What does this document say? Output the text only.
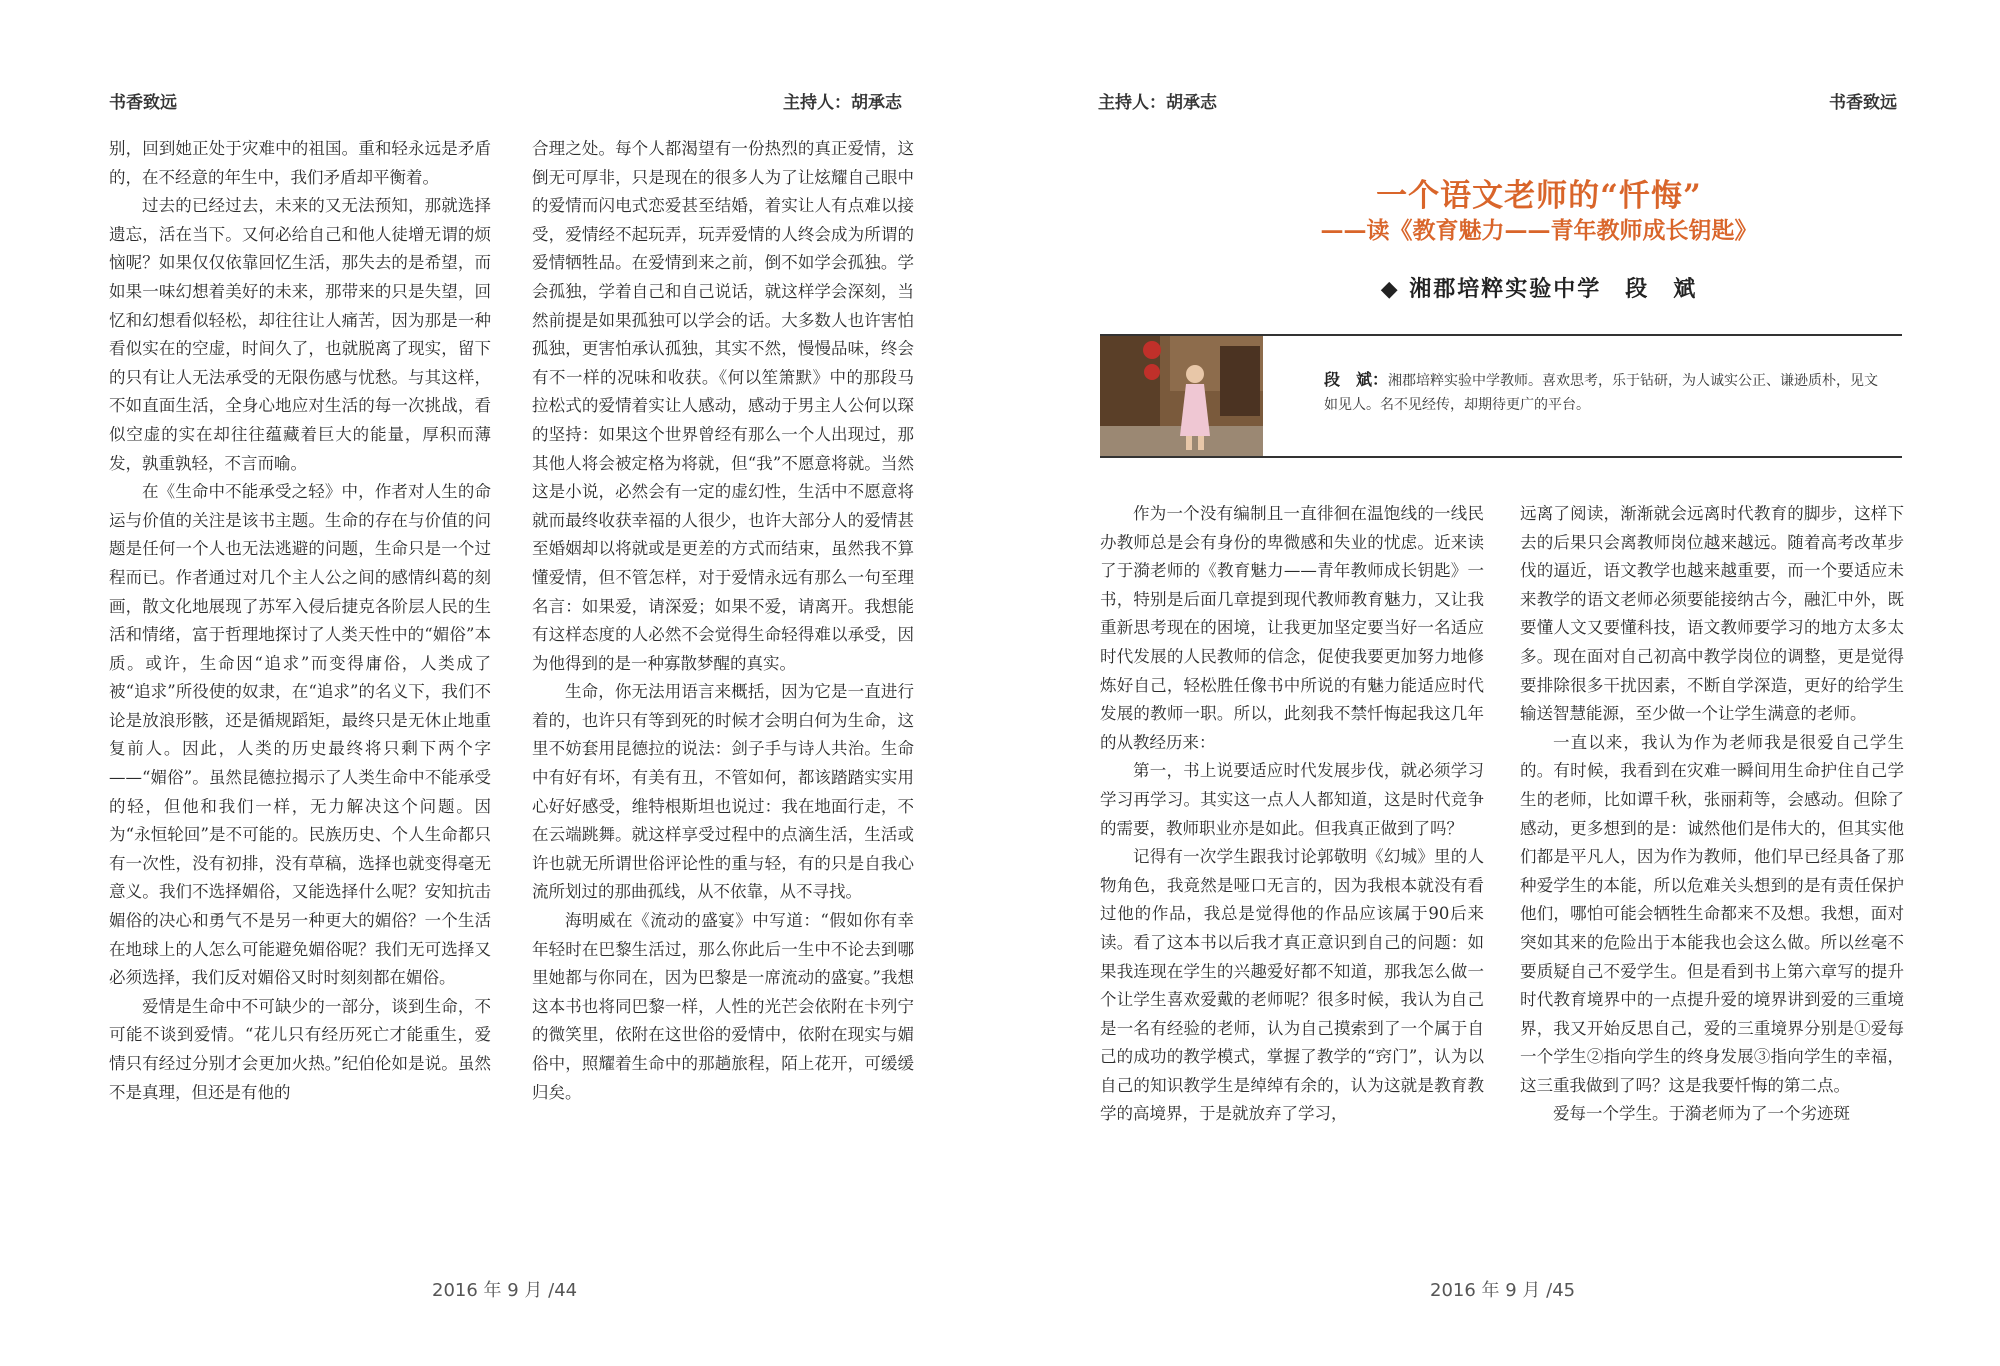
书香致远	主持人：胡承志

别，回到她正处于灾难中的祖国。重和轻永远是矛盾的，在不经意的年生中，我们矛盾却平衡着。

过去的已经过去，未来的又无法预知，那就选择遗忘，活在当下。又何必给自己和他人徒增无谓的烦恼呢？如果仅仅依靠回忆生活，那失去的是希望，而如果一味幻想着美好的未来，那带来的只是失望，回忆和幻想看似轻松，却往往让人痛苦，因为那是一种看似实在的空虚，时间久了，也就脱离了现实，留下的只有让人无法承受的无限伤感与忧愁。与其这样，不如直面生活，全身心地应对生活的每一次挑战，看似空虚的实在却往往蕴藏着巨大的能量，厚积而薄发，孰重孰轻，不言而喻。

在《生命中不能承受之轻》中，作者对人生的命运与价值的关注是该书主题。生命的存在与价值的问题是任何一个人也无法逃避的问题，生命只是一个过程而已。作者通过对几个主人公之间的感情纠葛的刻画，散文化地展现了苏军入侵后捷克各阶层人民的生活和情绪，富于哲理地探讨了人类天性中的“媚俗”本质。或许，生命因“追求”而变得庸俗，人类成了被“追求”所役使的奴隶，在“追求”的名义下，我们不论是放浪形骸，还是循规蹈矩，最终只是无休止地重复前人。因此，人类的历史最终将只剩下两个字——“媚俗”。虽然昆德拉揭示了人类生命中不能承受的轻，但他和我们一样，无力解决这个问题。因为“永恒轮回”是不可能的。民族历史、个人生命都只有一次性，没有初排，没有草稿，选择也就变得毫无意义。我们不选择媚俗，又能选择什么呢？安知抗击媚俗的决心和勇气不是另一种更大的媚俗？一个生活在地球上的人怎么可能避免媚俗呢？我们无可选择又必须选择，我们反对媚俗又时时刻刻都在媚俗。

爱情是生命中不可缺少的一部分，谈到生命，不可能不谈到爱情。“花儿只有经历死亡才能重生，爱情只有经过分别才会更加火热。”纪伯伦如是说。虽然不是真理，但还是有他的

合理之处。每个人都渴望有一份热烈的真正爱情，这倒无可厚非，只是现在的很多人为了让炫耀自己眼中的爱情而闪电式恋爱甚至结婚，着实让人有点难以接受，爱情经不起玩弄，玩弄爱情的人终会成为所谓的爱情牺牲品。在爱情到来之前，倒不如学会孤独。学会孤独，学着自己和自己说话，就这样学会深刻，当然前提是如果孤独可以学会的话。大多数人也许害怕孤独，更害怕承认孤独，其实不然，慢慢品味，终会有不一样的况味和收获。《何以笙箫默》中的那段马拉松式的爱情着实让人感动，感动于男主人公何以琛的坚持：如果这个世界曾经有那么一个人出现过，那其他人将会被定格为将就，但“我”不愿意将就。当然这是小说，必然会有一定的虚幻性，生活中不愿意将就而最终收获幸福的人很少，也许大部分人的爱情甚至婚姻却以将就或是更差的方式而结束，虽然我不算懂爱情，但不管怎样，对于爱情永远有那么一句至理名言：如果爱，请深爱；如果不爱，请离开。我想能有这样态度的人必然不会觉得生命轻得难以承受，因为他得到的是一种寡散梦醒的真实。

生命，你无法用语言来概括，因为它是一直进行着的，也许只有等到死的时候才会明白何为生命，这里不妨套用昆德拉的说法：剑子手与诗人共治。生命中有好有坏，有美有丑，不管如何，都该踏踏实实用心好好感受，维特根斯坦也说过：我在地面行走，不在云端跳舞。就这样享受过程中的点滴生活，生活或许也就无所谓世俗评论性的重与轻，有的只是自我心流所划过的那曲孤线，从不依靠，从不寻找。

海明威在《流动的盛宴》中写道：“假如你有幸年轻时在巴黎生活过，那么你此后一生中不论去到哪里她都与你同在，因为巴黎是一席流动的盛宴。”我想这本书也将同巴黎一样，人性的光芒会依附在卡列宁的微笑里，依附在这世俗的爱情中，依附在现实与媚俗中，照耀着生命中的那趟旅程，陌上花开，可缓缓归矣。

2016 年 9 月 /44
主持人：胡承志	书香致远
一个语文老师的“忏悔”
——读《教育魅力——青年教师成长钥匙》
◆ 湘郡培粹实验中学　段　斌
段　斌：湘郡培粹实验中学教师。喜欢思考，乐于钻研，为人诚实公正、谦逊质朴，见文如见人。名不见经传，却期待更广的平台。

作为一个没有编制且一直徘徊在温饱线的一线民办教师总是会有身份的卑微感和失业的忧虑。近来读了于漪老师的《教育魅力——青年教师成长钥匙》一书，特别是后面几章提到现代教师教育魅力，又让我重新思考现在的困境，让我更加坚定要当好一名适应时代发展的人民教师的信念，促使我要更加努力地修炼好自己，轻松胜任像书中所说的有魅力能适应时代发展的教师一职。所以，此刻我不禁忏悔起我这几年的从教经历来：

第一，书上说要适应时代发展步伐，就必须学习学习再学习。其实这一点人人都知道，这是时代竞争的需要，教师职业亦是如此。但我真正做到了吗？

记得有一次学生跟我讨论郭敬明《幻城》里的人物角色，我竟然是哑口无言的，因为我根本就没有看过他的作品，我总是觉得他的作品应该属于90后来读。看了这本书以后我才真正意识到自己的问题：如果我连现在学生的兴趣爱好都不知道，那我怎么做一个让学生喜欢爱戴的老师呢？很多时候，我认为自己是一名有经验的老师，认为自己摸索到了一个属于自己的成功的教学模式，掌握了教学的“窍门”，认为以自己的知识教学生是绰绰有余的，认为这就是教育教学的高境界，于是就放弃了学习，

远离了阅读，渐渐就会远离时代教育的脚步，这样下去的后果只会离教师岗位越来越远。随着高考改革步伐的逼近，语文教学也越来越重要，而一个要适应未来教学的语文老师必须要能接纳古今，融汇中外，既要懂人文又要懂科技，语文教师要学习的地方太多太多。现在面对自己初高中教学岗位的调整，更是觉得要排除很多干扰因素，不断自学深造，更好的给学生输送智慧能源，至少做一个让学生满意的老师。

一直以来，我认为作为老师我是很爱自己学生的。有时候，我看到在灾难一瞬间用生命护住自己学生的老师，比如谭千秋，张丽莉等，会感动。但除了感动，更多想到的是：诚然他们是伟大的，但其实他们都是平凡人，因为作为教师，他们早已经具备了那种爱学生的本能，所以危难关头想到的是有责任保护他们，哪怕可能会牺牲生命都来不及想。我想，面对突如其来的危险出于本能我也会这么做。所以丝毫不要质疑自己不爱学生。但是看到书上第六章写的提升时代教育境界中的一点提升爱的境界讲到爱的三重境界，我又开始反思自己，爱的三重境界分别是①爱每一个学生②指向学生的终身发展③指向学生的幸福，这三重我做到了吗？这是我要忏悔的第二点。

爱每一个学生。于漪老师为了一个劣迹斑

2016 年 9 月 /45
